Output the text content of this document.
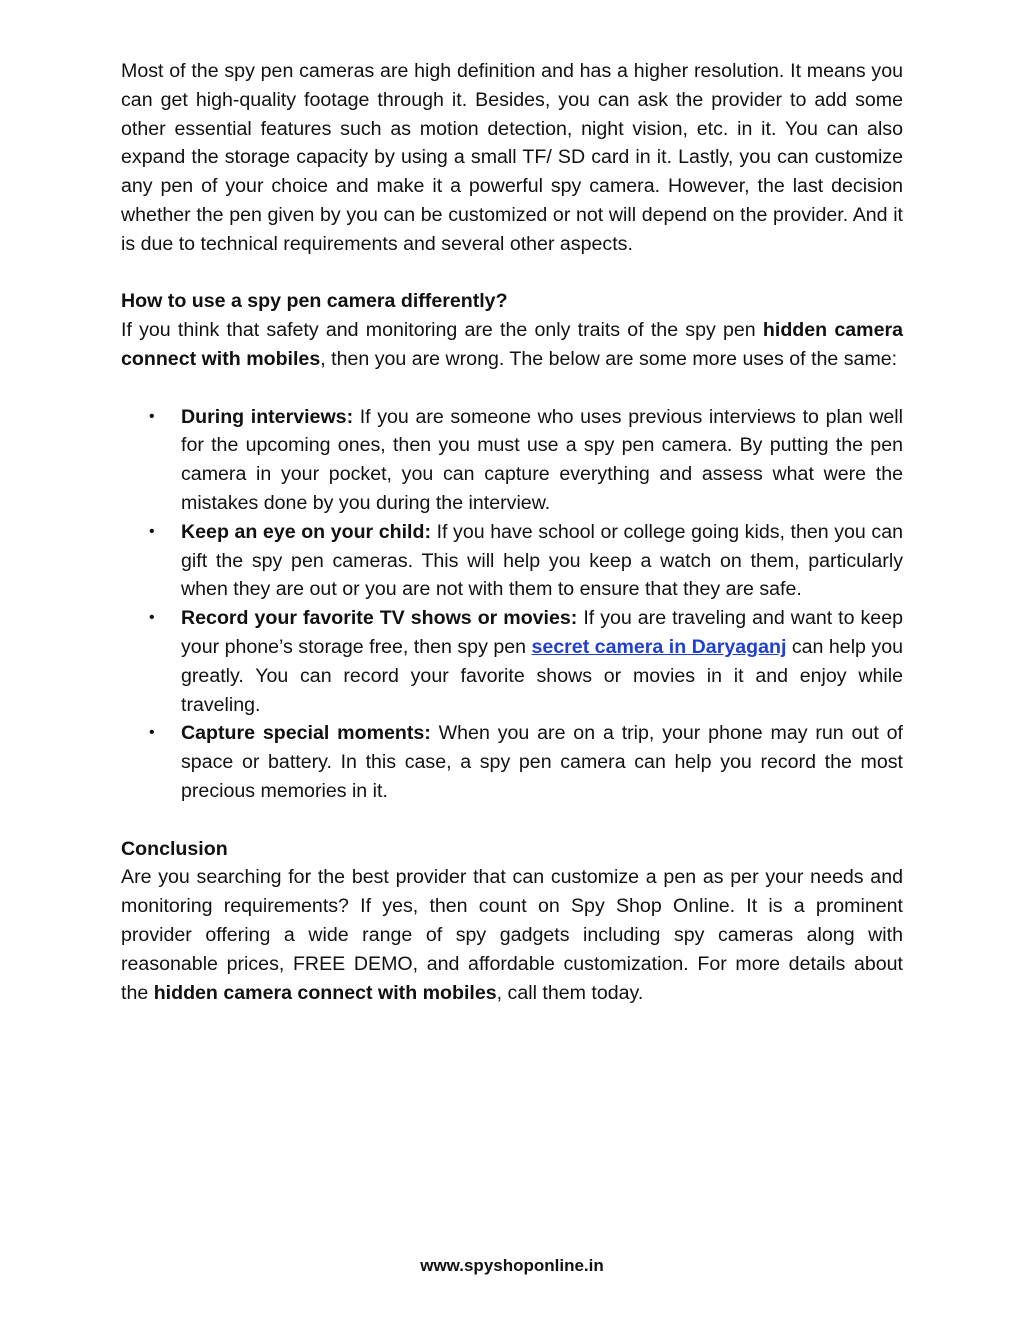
Most of the spy pen cameras are high definition and has a higher resolution. It means you can get high-quality footage through it. Besides, you can ask the provider to add some other essential features such as motion detection, night vision, etc. in it. You can also expand the storage capacity by using a small TF/ SD card in it. Lastly, you can customize any pen of your choice and make it a powerful spy camera. However, the last decision whether the pen given by you can be customized or not will depend on the provider. And it is due to technical requirements and several other aspects.

How to use a spy pen camera differently?

If you think that safety and monitoring are the only traits of the spy pen hidden camera connect with mobiles, then you are wrong. The below are some more uses of the same:

• During interviews: If you are someone who uses previous interviews to plan well for the upcoming ones, then you must use a spy pen camera. By putting the pen camera in your pocket, you can capture everything and assess what were the mistakes done by you during the interview.
• Keep an eye on your child: If you have school or college going kids, then you can gift the spy pen cameras. This will help you keep a watch on them, particularly when they are out or you are not with them to ensure that they are safe.
• Record your favorite TV shows or movies: If you are traveling and want to keep your phone’s storage free, then spy pen secret camera in Daryaganj can help you greatly. You can record your favorite shows or movies in it and enjoy while traveling.
• Capture special moments: When you are on a trip, your phone may run out of space or battery. In this case, a spy pen camera can help you record the most precious memories in it.

Conclusion

Are you searching for the best provider that can customize a pen as per your needs and monitoring requirements? If yes, then count on Spy Shop Online. It is a prominent provider offering a wide range of spy gadgets including spy cameras along with reasonable prices, FREE DEMO, and affordable customization. For more details about the hidden camera connect with mobiles, call them today.

www.spyshoponline.in
